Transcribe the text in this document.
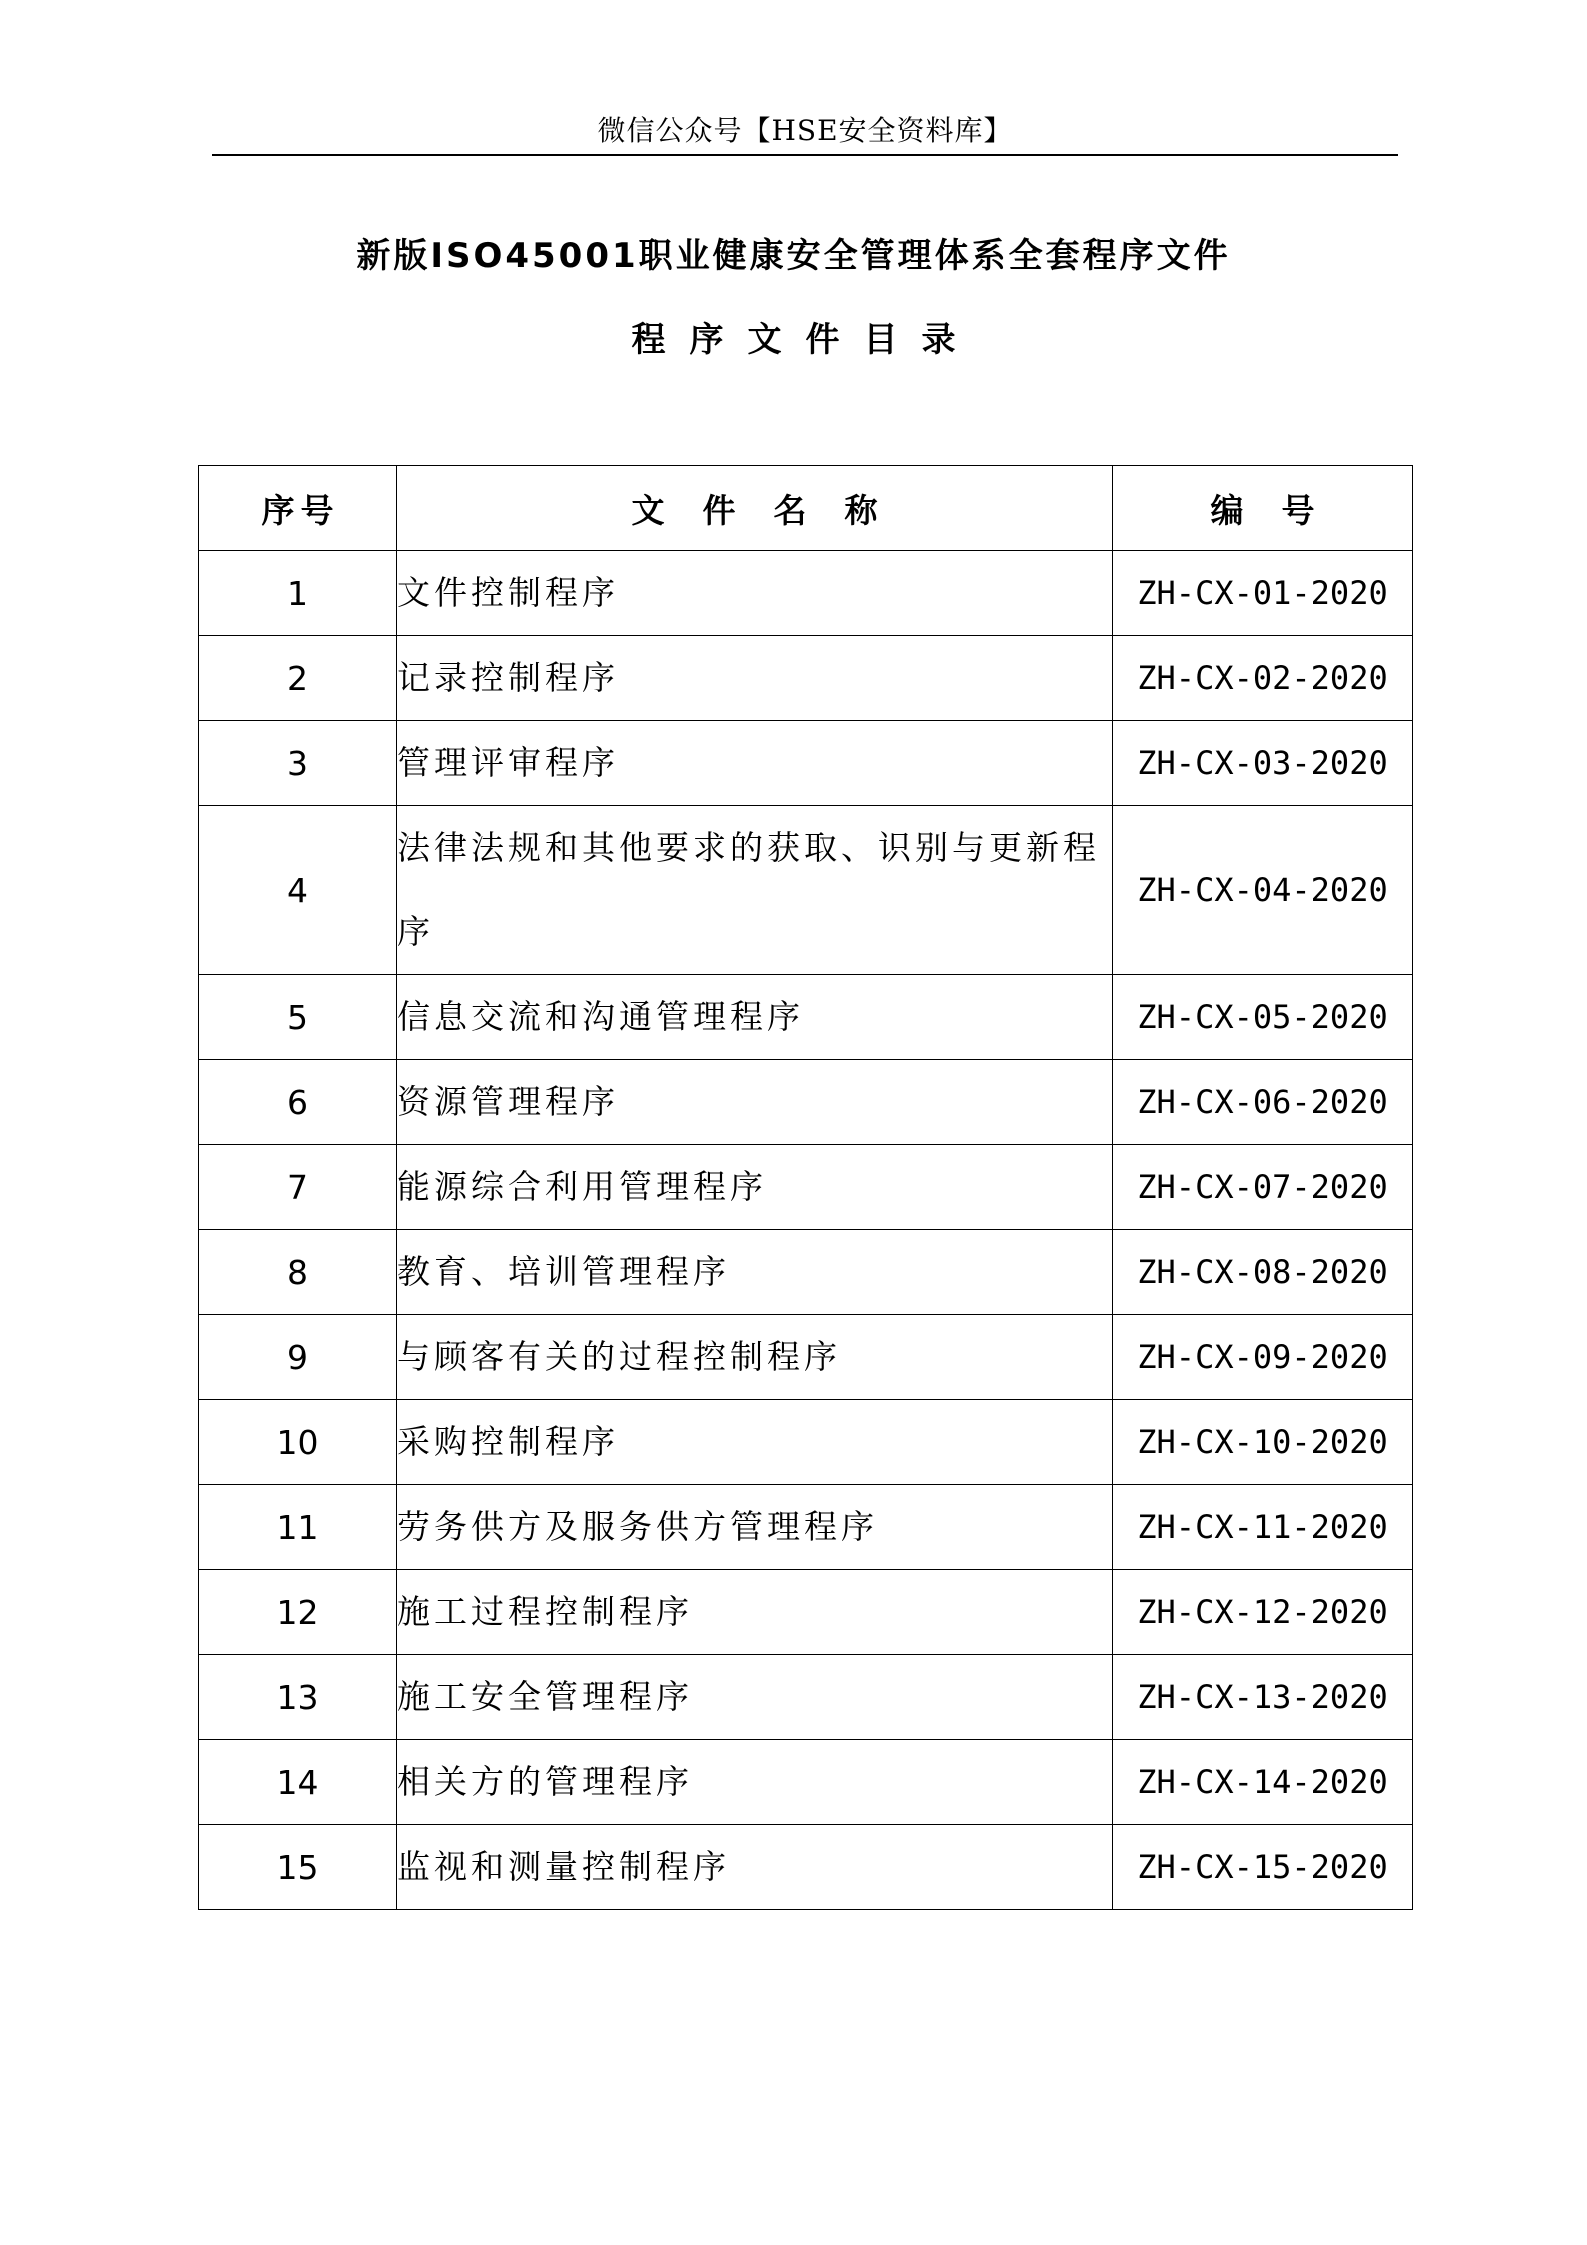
微信公众号【HSE安全资料库】
新版ISO45001职业健康安全管理体系全套程序文件
程序文件目录
序号	文件名称	编号
1	文件控制程序	ZH-CX-01-2020
2	记录控制程序	ZH-CX-02-2020
3	管理评审程序	ZH-CX-03-2020
4	法律法规和其他要求的获取、识别与更新程序	ZH-CX-04-2020
5	信息交流和沟通管理程序	ZH-CX-05-2020
6	资源管理程序	ZH-CX-06-2020
7	能源综合利用管理程序	ZH-CX-07-2020
8	教育、培训管理程序	ZH-CX-08-2020
9	与顾客有关的过程控制程序	ZH-CX-09-2020
10	采购控制程序	ZH-CX-10-2020
11	劳务供方及服务供方管理程序	ZH-CX-11-2020
12	施工过程控制程序	ZH-CX-12-2020
13	施工安全管理程序	ZH-CX-13-2020
14	相关方的管理程序	ZH-CX-14-2020
15	监视和测量控制程序	ZH-CX-15-2020
